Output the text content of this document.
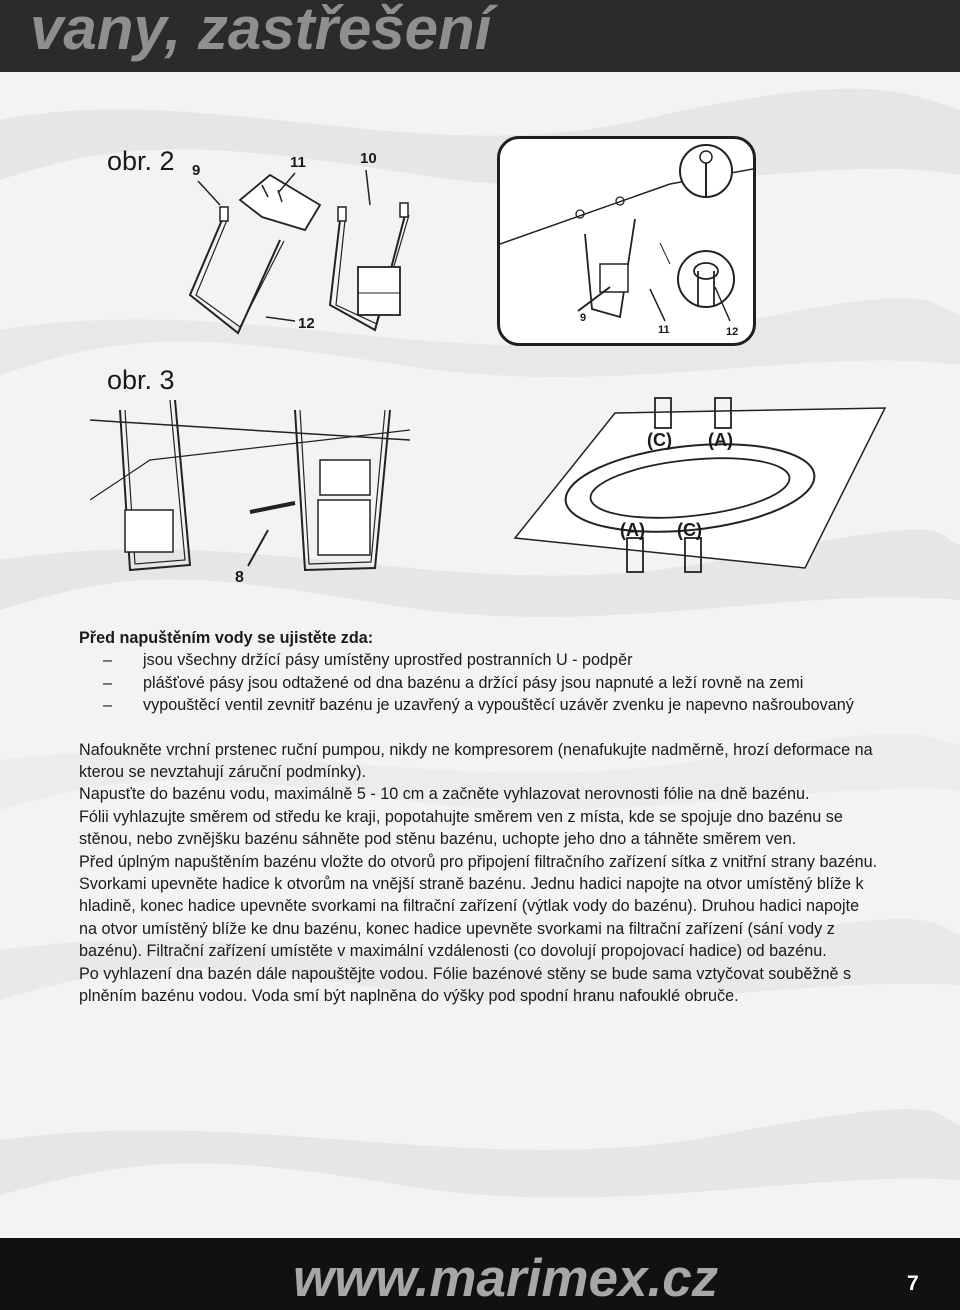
vany, zastřešení
obr. 2 9	11	10
12	9
11	12
obr. 3
8
(C) (A)
(A) (C)

Před napuštěním vody se ujistěte zda:

– jsou všechny držící pásy umístěny uprostřed postranních U - podpěr
– plášťové pásy jsou odtažené od dna bazénu a držící pásy jsou napnuté a leží rovně na zemi
– vypouštěcí ventil zevnitř bazénu je uzavřený a vypouštěcí uzávěr zvenku je napevno našroubovaný

Nafoukněte vrchní prstenec ruční pumpou, nikdy ne kompresorem (nenafukujte nadměrně, hrozí deformace na kterou se nevztahují záruční podmínky).

Napusťte do bazénu vodu, maximálně 5 - 10 cm a začněte vyhlazovat nerovnosti fólie na dně bazénu.

Fólii vyhlazujte směrem od středu ke kraji, popotahujte směrem ven z místa, kde se spojuje dno bazénu se stěnou, nebo zvnějšku bazénu sáhněte pod stěnu bazénu, uchopte jeho dno a táhněte směrem ven.

Před úplným napuštěním bazénu vložte do otvorů pro připojení filtračního zařízení sítka z vnitřní strany bazénu. Svorkami upevněte hadice k otvorům na vnější straně bazénu. Jednu hadici napojte na otvor umístěný blíže k hladině, konec hadice upevněte svorkami na filtrační zařízení (výtlak vody do bazénu). Druhou hadici napojte na otvor umístěný blíže ke dnu bazénu, konec hadice upevněte svorkami na filtrační zařízení (sání vody z bazénu). Filtrační zařízení umístěte v maximální vzdálenosti (co dovolují propojovací hadice) od bazénu.

Po vyhlazení dna bazén dále napouštějte vodou. Fólie bazénové stěny se bude sama vztyčovat souběžně s plněním bazénu vodou. Voda smí být naplněna do výšky pod spodní hranu nafouklé obruče.

www.marimex.cz	7
